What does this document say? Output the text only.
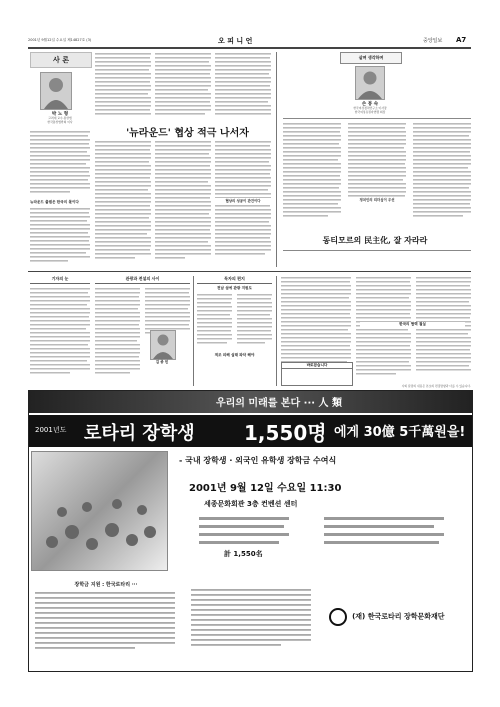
2001년 9월12일 수요일 제14827호 (3)	오 피 니 언	중앙일보 A7
사 론
박 노 형
고려대 교수·통상법
한국통상법학회 이사
뉴라운드 출범은 한국의 몫이다
'뉴라운드' 협상 적극 나서자
협상의 성공이 관건이다
살며 생각하며
손 봉 숙
한국여성정치연구소 이사장
한국여성유권자연맹 회장
정치인의 리더십이 우선
동티모르의 民主化, 잘 자라라
기자의 눈	관광과 전설의 사이
김 종 민
독자의 편지
전남 섬에 관광 지원도
적조 피해 실태 파악 해야
바로잡습니다
한국의 협력 절실
사외 칼럼의 내용은 본보의 편집방향과 다를 수 있습니다.
우리의 미래를 본다 ··· 人 類
2001년도 로타리 장학생 1,550명 에게 30億 5千萬원을!
- 국내 장학생 · 외국인 유학생 장학금 수여식
2001년 9월 12일 수요일 11:30
세종문화회관 3층 컨벤션 센터
計 1,550名
장학금 지원 : 한국로타리 ···
(재) 한국로타리 장학문화재단
